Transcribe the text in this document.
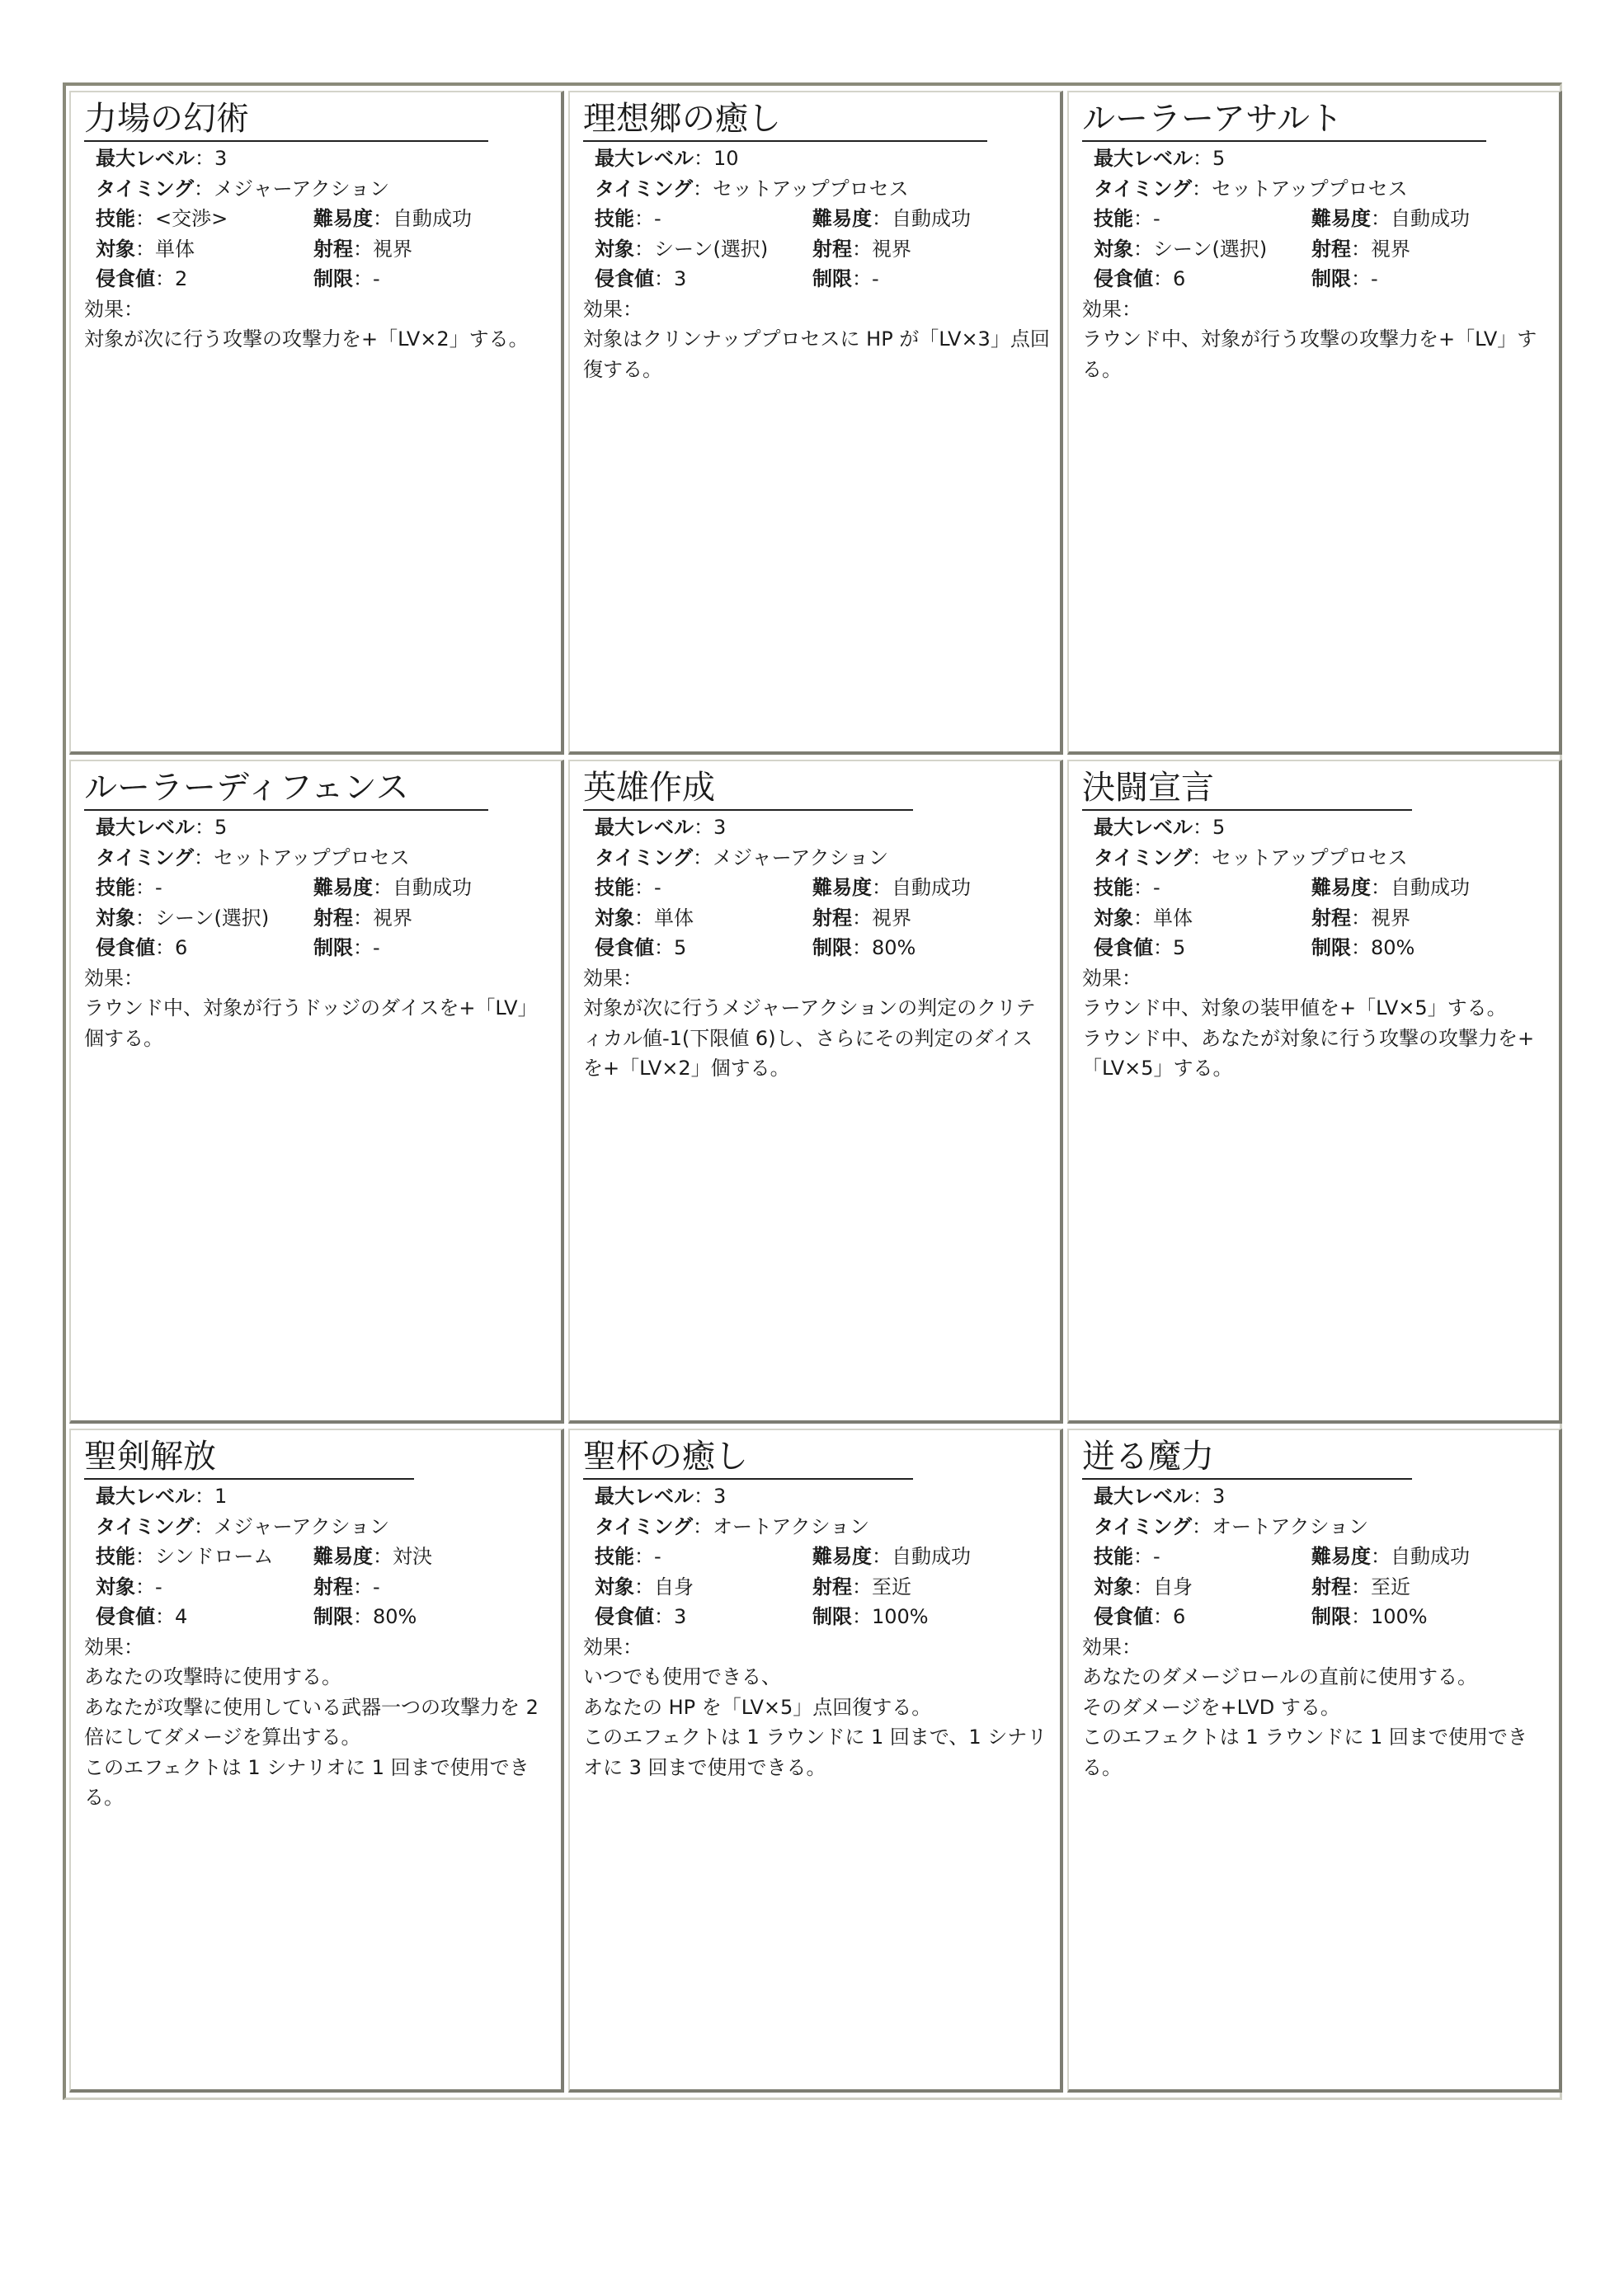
力場の幻術
最大レベル：3
タイミング：メジャーアクション
技能：<交渉>	難易度：自動成功
対象：単体	射程：視界
侵食値：2	制限：-
効果：
対象が次に行う攻撃の攻撃力を+「LV×2」する。
理想郷の癒し
最大レベル：10
タイミング：セットアッププロセス
技能：-	難易度：自動成功
対象：シーン(選択)	射程：視界
侵食値：3	制限：-
効果：
対象はクリンナッププロセスに HP が「LV×3」点回復する。
ルーラーアサルト
最大レベル：5
タイミング：セットアッププロセス
技能：-	難易度：自動成功
対象：シーン(選択)	射程：視界
侵食値：6	制限：-
効果：
ラウンド中、対象が行う攻撃の攻撃力を+「LV」する。
ルーラーディフェンス
最大レベル：5
タイミング：セットアッププロセス
技能：-	難易度：自動成功
対象：シーン(選択)	射程：視界
侵食値：6	制限：-
効果：
ラウンド中、対象が行うドッジのダイスを+「LV」個する。
英雄作成
最大レベル：3
タイミング：メジャーアクション
技能：-	難易度：自動成功
対象：単体	射程：視界
侵食値：5	制限：80%
効果：
対象が次に行うメジャーアクションの判定のクリティカル値-1(下限値 6)し、さらにその判定のダイスを+「LV×2」個する。
決闘宣言
最大レベル：5
タイミング：セットアッププロセス
技能：-	難易度：自動成功
対象：単体	射程：視界
侵食値：5	制限：80%
効果：
ラウンド中、対象の装甲値を+「LV×5」する。
ラウンド中、あなたが対象に行う攻撃の攻撃力を+「LV×5」する。
聖剣解放
最大レベル：1
タイミング：メジャーアクション
技能：シンドローム	難易度：対決
対象：-	射程：-
侵食値：4	制限：80%
効果：
あなたの攻撃時に使用する。
あなたが攻撃に使用している武器一つの攻撃力を 2 倍にしてダメージを算出する。
このエフェクトは 1 シナリオに 1 回まで使用できる。
聖杯の癒し
最大レベル：3
タイミング：オートアクション
技能：-	難易度：自動成功
対象：自身	射程：至近
侵食値：3	制限：100%
効果：
いつでも使用できる、
あなたの HP を「LV×5」点回復する。
このエフェクトは 1 ラウンドに 1 回まで、1 シナリオに 3 回まで使用できる。
迸る魔力
最大レベル：3
タイミング：オートアクション
技能：-	難易度：自動成功
対象：自身	射程：至近
侵食値：6	制限：100%
効果：
あなたのダメージロールの直前に使用する。
そのダメージを+LVD する。
このエフェクトは 1 ラウンドに 1 回まで使用できる。
